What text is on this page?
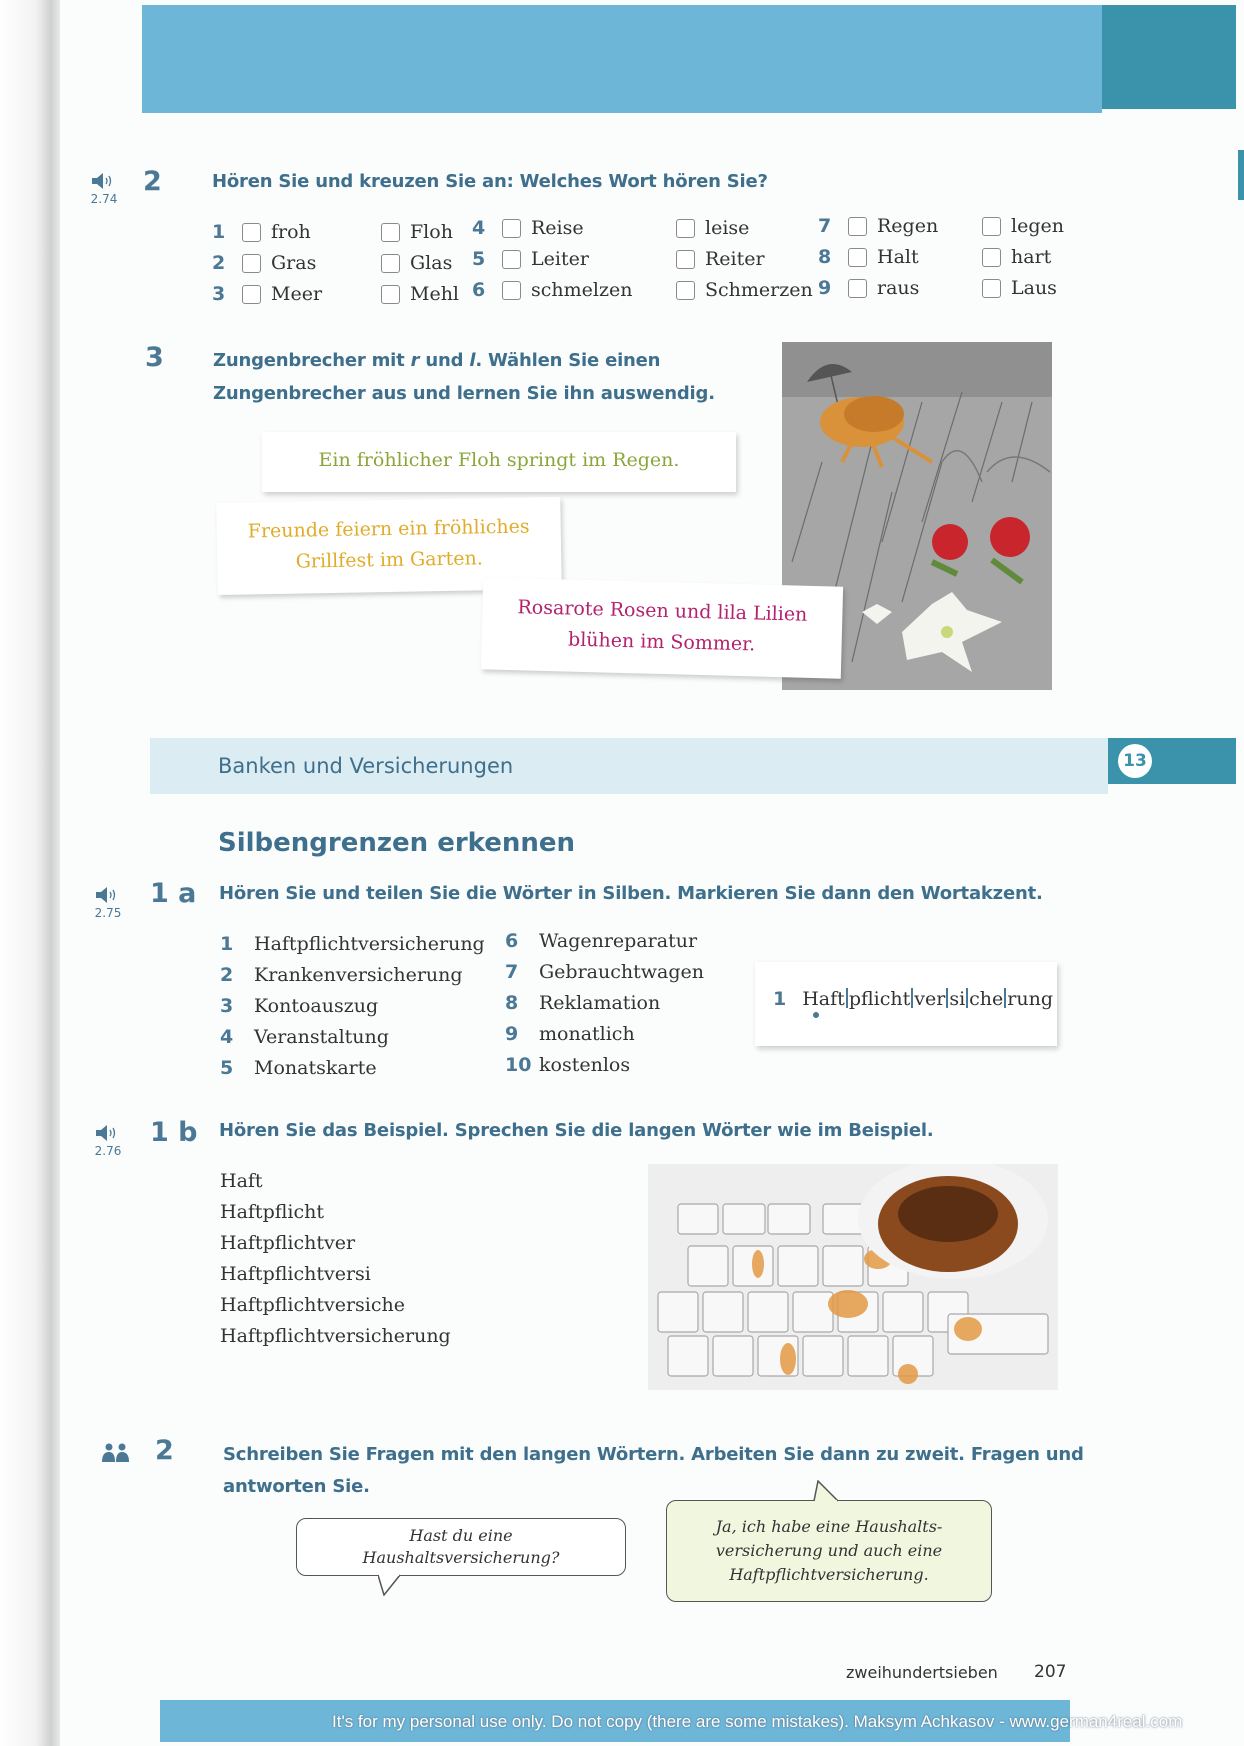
2.74
2	Hören Sie und kreuzen Sie an: Welches Wort hören Sie?
1	froh	Floh
2	Gras	Glas
3	Meer	Mehl
4	Reise	leise
5	Leiter	Reiter
6	schmelzen	Schmerzen
7	Regen	legen
8	Halt	hart
9	raus	Laus
3	Zungenbrecher mit r und l. Wählen Sie einen
Zungenbrecher aus und lernen Sie ihn auswendig.
Ein fröhlicher Floh springt im Regen.
Freunde feiern ein fröhliches
Grillfest im Garten.
Rosarote Rosen und lila Lilien
blühen im Sommer.
Banken und Versicherungen	13
Silbengrenzen erkennen
2.75
1 a Hören Sie und teilen Sie die Wörter in Silben. Markieren Sie dann den Wortakzent.
1	Haftpflichtversicherung
2	Krankenversicherung
3	Kontoauszug
4	Veranstaltung
5	Monatskarte
6	Wagenreparatur
7	Gebrauchtwagen
8	Reklamation
9	monatlich
10 kostenlos
1 Haft pflicht ver si che rung
2.76
1 b Hören Sie das Beispiel. Sprechen Sie die langen Wörter wie im Beispiel.
Haft
Haftpflicht
Haftpflichtver
Haftpflichtversi
Haftpflichtversiche
Haftpflichtversicherung
2	Schreiben Sie Fragen mit den langen Wörtern. Arbeiten Sie dann zu zweit. Fragen und
antworten Sie.
Hast du eine
Haushaltsversicherung?
Ja, ich habe eine Haushalts-
versicherung und auch eine
Haftpflichtversicherung.
zweihundertsieben 207
It's for my personal use only. Do not copy (there are some mistakes). Maksym Achkasov - www.german4real.com
